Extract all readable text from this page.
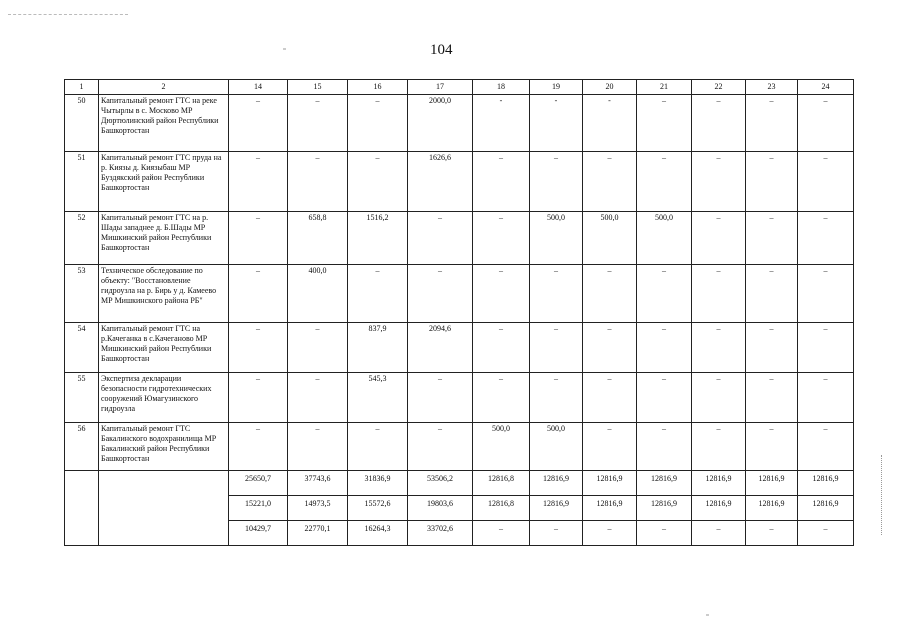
104
1	2	14	15	16	17	18	19	20	21	22	23	24
50	Капитальный ремонт ГТС на реке Чытырлы в с. Москово МР Дюртюлинский район Республики Башкортостан	–	–	–	2000,0	-	-	-	–	–	–	–
51	Капитальный ремонт ГТС пруда на р. Киязы д. Киязыбаш МР Буздякский район Республики Башкортостан	–	–	–	1626,6	–	–	–	–	–	–	–
52	Капитальный ремонт ГТС на р. Шады западнее д. Б.Шады МР Мишкинский район Республики Башкортостан	–	658,8	1516,2	–	–	500,0	500,0	500,0	–	–	–
53	Техническое обследование по объекту: "Восстановление гидроузла на р. Бирь у д. Камеево МР Мишкинского района РБ"	–	400,0	–	–	–	–	–	–	–	–	–
54	Капитальный ремонт ГТС на р.Качеганка в с.Качеганово МР Мишкинский район Республики Башкортостан	–	–	837,9	2094,6	–	–	–	–	–	–	–
55	Экспертиза декларации безопасности гидротехнических сооружений Юмагузинского гидроузла	–	–	545,3	–	–	–	–	–	–	–	–
56	Капитальный ремонт ГТС Бакалинского водохранилища МР Бакалинский район Республики Башкортостан	–	–	–	–	500,0	500,0	–	–	–	–	–
		25650,7	37743,6	31836,9	53506,2	12816,8	12816,9	12816,9	12816,9	12816,9	12816,9	12816,9
		15221,0	14973,5	15572,6	19803,6	12816,8	12816,9	12816,9	12816,9	12816,9	12816,9	12816,9
		10429,7	22770,1	16264,3	33702,6	–	–	–	–	–	–	–
